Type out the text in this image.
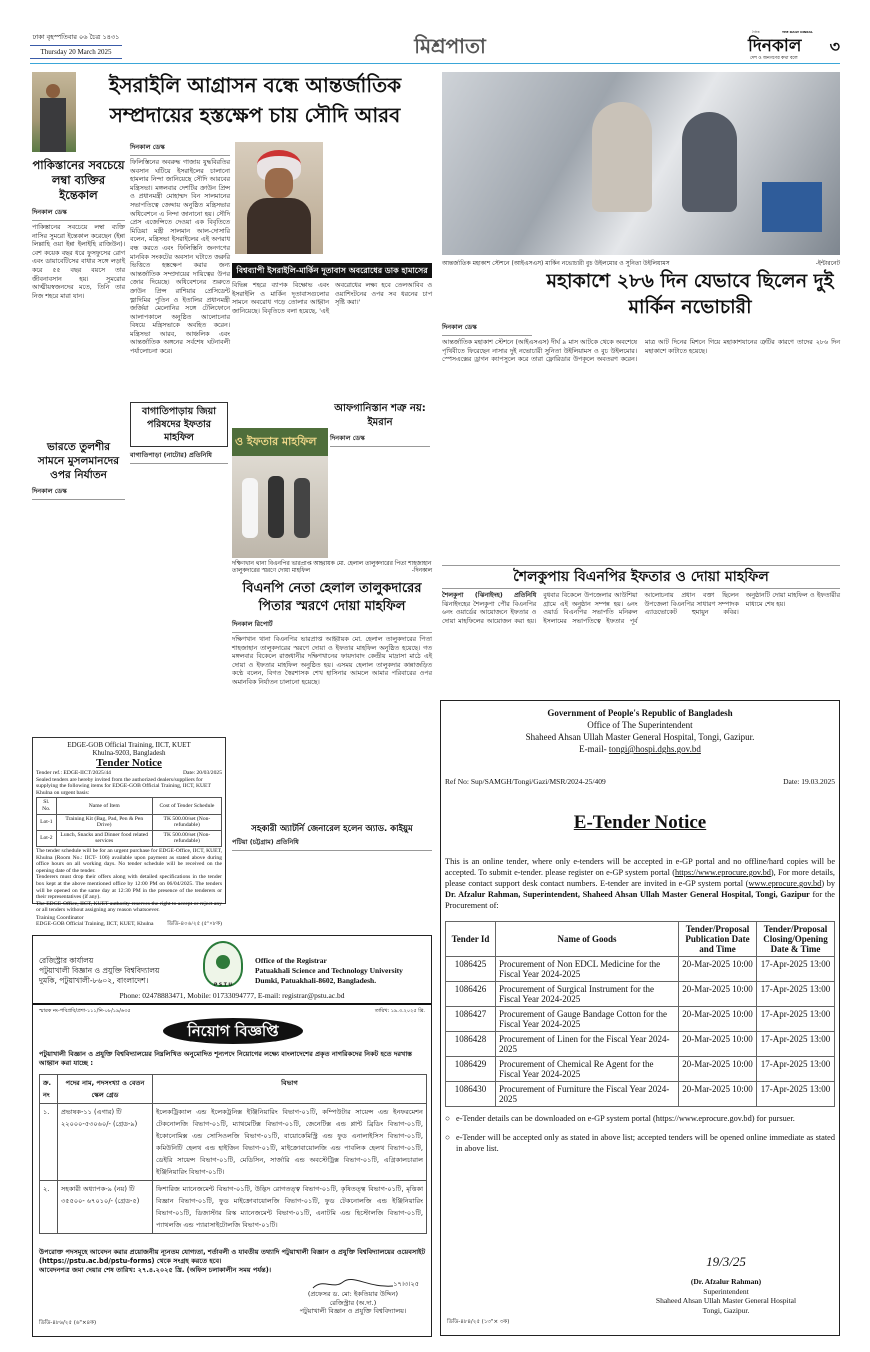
ঢাকা বৃহস্পতিবার ০৬ চৈত্র ১৪৩১
Thursday 20 March 2025	মিশ্রপাতা
দৈনিক	THE DAILY DINKAL
দিনকাল ৩
দেশ ও জনগণের কথা বলে
পাকিস্তানের সবচেয়ে লম্বা ব্যক্তির ইন্তেকাল
দিনকাল ডেস্ক
পাকিস্তানের সবচেয়ে লম্বা ব্যক্তি নাসির সুমরো ইন্তেকাল করেছেন (ইন্না লিল্লাহি ওয়া ইন্না ইলাইহি রাজিউন)। বেশ কয়েক বছর ধরে ফুসফুসের রোগ এবং ডায়াবেটিসের বাধার সঙ্গে লড়াই করে ৫৫ বছর বয়সে তার জীবনাবসান হয়। সুমরোর আত্মীয়স্বজনদের মতে, তিনি তার নিজ শহরে মারা যান।
ভারতে তুলশীর সামনে মুসলমানদের ওপর নির্যাতন
দিনকাল ডেস্ক
ইসরাইলি আগ্রাসন বন্ধে আন্তর্জাতিক সম্প্রদায়ের হস্তক্ষেপ চায় সৌদি আরব
দিনকাল ডেস্ক
ফিলিস্তিনের অবরুদ্ধ গাজায় যুদ্ধবিরতির অবসান ঘটিয়ে ইসরাইলের চালানো হামলার নিন্দা জানিয়েছে সৌদি আরবের মন্ত্রিসভা। মঙ্গলবার দেশটির ক্রাউন প্রিন্স ও প্রধানমন্ত্রী মোহাম্মদ বিন সালমানের সভাপতিত্বে জেদ্দায় অনুষ্ঠিত মন্ত্রিসভার অধিবেশনে এ নিন্দা জানানো হয়। সৌদি প্রেস এজেন্সিতে দেওয়া এক বিবৃতিতে মিডিয়া মন্ত্রী সালমান আল-দোসারি বলেন, মন্ত্রিসভা ইসরাইলের এই অপরাধ বন্ধ করতে এবং ফিলিস্তিনি জনগণের মানবিক সংকটের অবসান ঘটাতে জরুরি ভিত্তিতে হস্তক্ষেপ করার জন্য আন্তর্জাতিক সম্প্রদায়ের দায়িত্বের উপর জোর দিয়েছে। অধিবেশনের শুরুতে ক্রাউন প্রিন্স রাশিয়ার প্রেসিডেন্ট ভ্লাদিমির পুতিন ও ইতালির প্রধানমন্ত্রী জর্জিয়া মেলোনির সঙ্গে টেলিফোনে আলাপকালে অনুষ্ঠিত আলোচনার বিষয়ে মন্ত্রিসভাকে অবহিত করেন। মন্ত্রিসভা আরব, আঞ্চলিক এবং আন্তর্জাতিক অঙ্গনের সর্বশেষ ঘটনাবলী পর্যালোচনা করে।
বিশ্বব্যাপী ইসরাইলি-মার্কিন দূতাবাস অবরোধের ডাক হামাসের
বিভিন্ন শহরে ব্যাপক বিক্ষোভ এবং ইসরাইলি ও মার্কিন দূতাবাসগুলোর সামনে অবরোধ গড়ে তোলার আহ্বান জানিয়েছে। বিবৃতিতে বলা হয়েছে, 'এই অবরোধের লক্ষ্য হবে তেলআবিব ও ওয়াশিংটনের ওপর সব ধরনের চাপ সৃষ্টি করা।'
বাগাতিপাড়ায় জিয়া পরিষদের ইফতার মাহফিল
বাগাতিপাড়া (নাটোর) প্রতিনিধি
আফগানিস্তান শত্রু নয়: ইমরান
দিনকাল ডেস্ক
ও ইফতার মাহফিল
দক্ষিণখান থানা বিএনপির ভারপ্রাপ্ত আহ্বায়ক মো. হেলাল তালুকদারের পিতা শাহজাহান তালুকদারের স্মরণে দোয়া মাহফিল	-দিনকাল
বিএনপি নেতা হেলাল তালুকদারের পিতার স্মরণে দোয়া মাহফিল
দিনকাল রিপোর্ট
দক্ষিণখান থানা বিএনপির ভারপ্রাপ্ত আহ্বায়ক মো. হেলাল তালুকদারের পিতা শাহজাহান তালুকদারের স্মরণে দোয়া ও ইফতার মাহফিল অনুষ্ঠিত হয়েছে। গত মঙ্গলবার বিকেলে রাজধানীর দক্ষিণখানের ফায়দাবাদ কেন্দ্রীয় মাদ্রাসা মাঠে এই দোয়া ও ইফতার মাহফিল অনুষ্ঠিত হয়। এসময় হেলাল তালুকদার কান্নাজড়িত কণ্ঠে বলেন, বিগত স্বৈরশাসক শেখ হাসিনার আমলে আমার পরিবারের ওপর অমানবিক নির্যাতন চালানো হয়েছে।
সহকারী অ্যাটর্নি জেনারেল হলেন অ্যাড. কাইয়ুম
পটিয়া (চট্টগ্রাম) প্রতিনিধি
EDGE-GOB Official Training, IICT, KUET
Khulna-9203, Bangladesh
Tender Notice
Tender ref.: EDGE-IICT/2025/44	Date: 20/03/2025
Sealed tenders are hereby invited from the authorized dealers/suppliers for supplying the following items for EDGE-GOB Official Training, IICT, KUET Khulna on urgent basis:
Sl. No.	Name of Item	Cost of Tender Schedule
Lot-1	Training Kit (Bag, Pad, Pen & Pen Drive)	TK 500.00/set (Non-refundable)
Lot-2	Lunch, Snacks and Dinner food related services	TK 500.00/set (Non-refundable)
The tender schedule will be for an urgent purchase for EDGE-Office, IICT, KUET, Khulna (Room No.: IICT- 106) available upon payment as stated above during office hours on all working days. No tender schedule will be received on the opening date of the tender.
Tenderers must drop their offers along with detailed specifications in the tender box kept at the above mentioned office by 12:00 PM on 06/04/2025. The tenders will be opened on the same day at 12:30 PM in the presence of the tenderers or their representatives (if any).
The EDGE-Office, IICT, KUET authority reserves the right to accept or reject any or all tenders without assigning any reason whatsoever.
Training Coordinator
EDGE-GOB Official Training, IICT, KUET, Khulna ডিডি-৪০৬/২৫ (৫"×৮ক)
রেজিস্ট্রার কার্যালয়
পটুয়াখালী বিজ্ঞান ও প্রযুক্তি বিশ্ববিদ্যালয়
দুমকি, পটুয়াখালী-৮৬০২, বাংলাদেশ।
P S T U
Office of the Registrar
Patuakhali Science and Technology University
Dumki, Patuakhali-8602, Bangladesh.
Phone: 02478883471, Mobile: 01733094777, E-mail: registrar@pstu.ac.bd
স্মারক নং-পবিপ্রবি/প্রশা-১১১/নি-০৮/১৯/৬৩৫	তারিখ: ১৯.৩.২০২৫ খ্রি.
নিয়োগ বিজ্ঞপ্তি
পটুয়াখালী বিজ্ঞান ও প্রযুক্তি বিশ্ববিদ্যালয়ের নিম্নলিখিত অনুমোদিত শূন্যপদে নিয়োগের লক্ষ্যে বাংলাদেশের প্রকৃত নাগরিকদের নিকট হতে দরখাস্ত আহ্বান করা যাচ্ছে :
ক্র. নং	পদের নাম, পদসংখ্যা ও বেতন স্কেল গ্রেড	বিভাগ
১.	প্রভাষক-১১ (এগার) টি ২২০০০-৫৩০৬০/- (গ্রেড-৯)	ইলেকট্রিক্যাল এন্ড ইলেকট্রনিক্স ইঞ্জিনিয়ারিং বিভাগ-০১টি, কম্পিউটার সায়েন্স এন্ড ইনফরমেশন টেকনোলজি বিভাগ-০১টি, ম্যাথমেটিক্স বিভাগ-০১টি, জেনেটিক্স এন্ড প্লান্ট ব্রিডিং বিভাগ-০১টি, ইকোনোমিক্স এন্ড সোসিওলজি বিভাগ-০১টি, বায়োকেমিস্ট্রি এন্ড ফুড এনালাইসিস বিভাগ-০১টি, কমিউনিটি হেলথ এন্ড হাইজিন বিভাগ-০১টি, মাইক্রোবায়োলজি এন্ড পাবলিক হেলথ বিভাগ-০১টি, ডেইরি সায়েন্স বিভাগ-০১টি, মেডিসিন, সার্জারি এন্ড অবস্টেট্রিক্স বিভাগ-০১টি, এগ্রিকালচারাল ইঞ্জিনিয়ারিং বিভাগ-০১টি।
২.	সহকারী অধ্যাপক-৯ (নয়) টি ৩৫৫০০- ৬৭০১০/- (গ্রেড-৫)	ফিশারিজ ম্যানেজমেন্ট বিভাগ-০১টি, উদ্ভিদ রোগতত্ত্ব বিভাগ-০১টি, কৃষিতত্ত্ব বিভাগ-০১টি, মৃত্তিকা বিজ্ঞান বিভাগ-০১টি, ফুড মাইক্রোবায়োলজি বিভাগ-০১টি, ফুড টেকনোলজি এন্ড ইঞ্জিনিয়ারিং বিভাগ-০১টি, ডিজাস্টার রিস্ক ম্যানেজমেন্ট বিভাগ-০১টি, এনাটমি এন্ড হিস্টোলজি বিভাগ-০১টি, প্যাথলজি এন্ড প্যারাসাইটোলজি বিভাগ-০১টি।
উপরোক্ত পদসমূহে আবেদন করার প্রয়োজনীয় ন্যূনতম যোগ্যতা, শর্তাবলী ও যাবতীয় তথ্যাদি পটুয়াখালী বিজ্ঞান ও প্রযুক্তি বিশ্ববিদ্যালয়ের ওয়েবসাইট (https://pstu.ac.bd/pstu-forms) থেকে সংগ্রহ করতে হবে।
আবেদনপত্র জমা দেয়ার শেষ তারিখ: ২৭.৪.২০২৫ খ্রি. (অফিস চলাকালীন সময় পর্যন্ত)।
১৭।৩।২৫
(প্রফেসর ড. মো: ইকতিয়ার উদ্দিন)
রেজিস্ট্রার (অ.দা.)
পটুয়াখালী বিজ্ঞান ও প্রযুক্তি বিশ্ববিদ্যালয়।
ডিডি-৪৮৬/২৫ (৬"×৪ক)
আন্তর্জাতিক মহাকাশ স্টেশনে (আইএসএস) মার্কিন নভোচারী বুচ উইলমোর ও সুনিতা উইলিয়ামস	-ইন্টারনেট
মহাকাশে ২৮৬ দিন যেভাবে ছিলেন দুই মার্কিন নভোচারী
দিনকাল ডেস্ক
আন্তর্জাতিক মহাকাশ স্টেশনে (আইএসএস) দীর্ঘ ৯ মাস আটকে থেকে অবশেষে পৃথিবীতে ফিরেছেন নাসার দুই নভোচারী সুনিতা উইলিয়ামস ও বুচ উইলমোর। স্পেসএক্সের ড্রাগন ক্যাপসুলে করে তারা ফ্লোরিডার উপকূলে অবতরণ করেন। মাত্র আট দিনের মিশনে গিয়ে মহাকাশযানের ত্রুটির কারণে তাদের ২৮৬ দিন মহাকাশে কাটাতে হয়েছে।
শৈলকুপায় বিএনপির ইফতার ও দোয়া মাহফিল
শৈলকুপা (ঝিনাইদহ) প্রতিনিধি ঝিনাইদহের শৈলকুপা পৌর বিএনপির ৬নং ওয়ার্ডের আয়োজনে ইফতার ও দোয়া মাহফিলের আয়োজন করা হয়। বুধবার বিকেলে উপজেলার আউশিয়া গ্রামে এই অনুষ্ঠান সম্পন্ন হয়। ৬নং ওয়ার্ড বিএনপির সভাপতি মনিরুল ইসলামের সভাপতিত্বে ইফতার পূর্ব আলোচনায় প্রধান বক্তা ছিলেন উপজেলা বিএনপির সাধারণ সম্পাদক এ্যাডভোকেট হুমায়ুন কবির। অনুষ্ঠানটি দোয়া মাহফিল ও ইফতারীর মাধ্যমে শেষ হয়।
Government of People's Republic of Bangladesh
Office of The Superintendent
Shaheed Ahsan Ullah Master General Hospital, Tongi, Gazipur.
E-mail- tongi@hospi.dghs.gov.bd
Ref No: Sup/SAMGH/Tongi/Gazi/MSR/2024-25/409	Date: 19.03.2025
E-Tender Notice
This is an online tender, where only e-tenders will be accepted in e-GP portal and no offline/hard copies will be accepted. To submit e-tender. please register on e-GP system portal (https://www.eprocure.gov.bd), For more details, please contact support desk contact numbers. E-tender are invited in e-GP system portal (www.eprocure.gov.bd) by Dr. Afzalur Rahman, Superintendent, Shaheed Ahsan Ullah Master General Hospital, Tongi, Gazipur for the Procurement of:
Tender Id	Name of Goods	Tender/Proposal Publication Date and Time	Tender/Proposal Closing/Opening Date & Time
1086425	Procurement of Non EDCL Medicine for the Fiscal Year 2024-2025	20-Mar-2025 10:00	17-Apr-2025 13:00
1086426	Procurement of Surgical Instrument for the Fiscal Year 2024-2025	20-Mar-2025 10:00	17-Apr-2025 13:00
1086427	Procurement of Gauge Bandage Cotton for the Fiscal Year 2024-2025	20-Mar-2025 10:00	17-Apr-2025 13:00
1086428	Procurement of Linen for the Fiscal Year 2024-2025	20-Mar-2025 10:00	17-Apr-2025 13:00
1086429	Procurement of Chemical Re Agent for the Fiscal Year 2024-2025	20-Mar-2025 10:00	17-Apr-2025 13:00
1086430	Procurement of Furniture the Fiscal Year 2024- 2025	20-Mar-2025 10:00	17-Apr-2025 13:00
○ e-Tender details can be downloaded on e-GP system portal (https://www.eprocure.gov.bd) for pursuer.
○ e-Tender will be accepted only as stated in above list; accepted tenders will be opened online immediate as stated in above list.
19/3/25
(Dr. Afzalur Rahman)
Superintendent
Shaheed Ahsan Ullah Master General Hospital
Tongi, Gazipur.
ডিডি-৪৮৪/২৫ (১৩"× ৩ক)
